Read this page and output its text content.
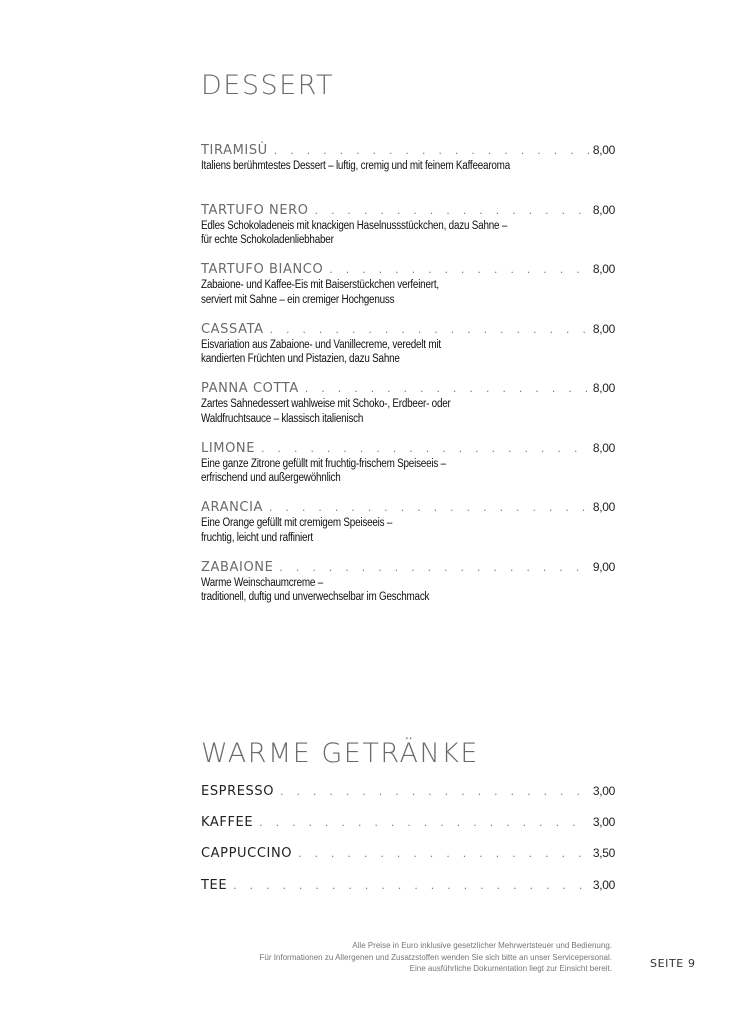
DESSERT
TIRAMISÙ . . .	8,00
Italiens berühmtestes Dessert – luftig, cremig und mit feinem Kaffeearoma
TARTUFO NERO . . .	8,00
Edles Schokoladeneis mit knackigen Haselnussstückchen, dazu Sahne –
für echte Schokoladenliebhaber
TARTUFO BIANCO . . .	8,00
Zabaione- und Kaffee-Eis mit Baiserstückchen verfeinert,
serviert mit Sahne – ein cremiger Hochgenuss
CASSATA . . .	8,00
Eisvariation aus Zabaione- und Vanillecreme, veredelt mit
kandierten Früchten und Pistazien, dazu Sahne
PANNA COTTA . . .	8,00
Zartes Sahnedessert wahlweise mit Schoko-, Erdbeer- oder
Waldfruchtsauce – klassisch italienisch
LIMONE . . .	8,00
Eine ganze Zitrone gefüllt mit fruchtig-frischem Speiseeis –
erfrischend und außergewöhnlich
ARANCIA . . .	8,00
Eine Orange gefüllt mit cremigem Speiseeis –
fruchtig, leicht und raffiniert
ZABAIONE . . .	9,00
Warme Weinschaumcreme –
traditionell, duftig und unverwechselbar im Geschmack
WARME GETRÄNKE
ESPRESSO . . .	3,00
KAFFEE . . .	3,00
CAPPUCCINO . . .	3,50
TEE . . .	3,00
Alle Preise in Euro inklusive gesetzlicher Mehrwertsteuer und Bedienung.
Für Informationen zu Allergenen und Zusatzstoffen wenden Sie sich bitte an unser Servicepersonal.
Eine ausführliche Dokumentation liegt zur Einsicht bereit.	SEITE 9
